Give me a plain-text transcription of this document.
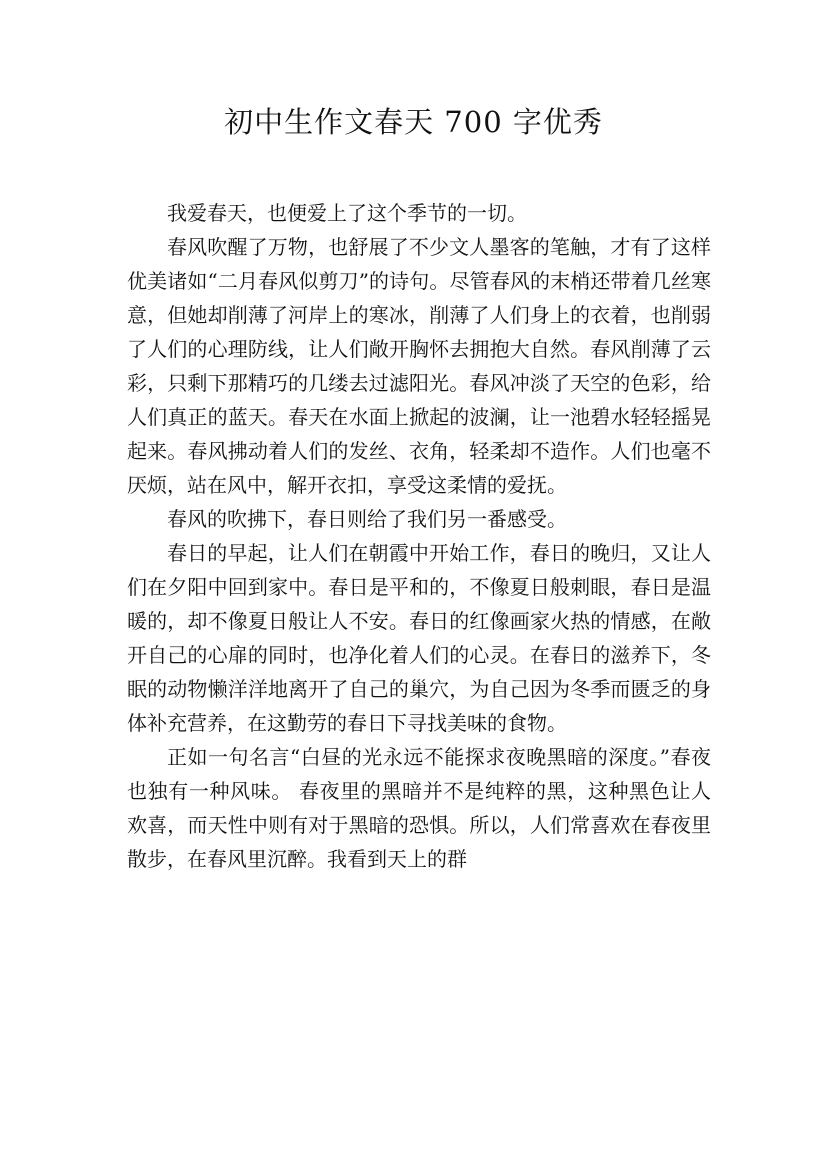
初中生作文春天 700 字优秀

我爱春天，也便爱上了这个季节的一切。

春风吹醒了万物，也舒展了不少文人墨客的笔触，才有了这样优美诸如“二月春风似剪刀”的诗句。尽管春风的末梢还带着几丝寒意，但她却削薄了河岸上的寒冰，削薄了人们身上的衣着，也削弱了人们的心理防线，让人们敞开胸怀去拥抱大自然。春风削薄了云彩，只剩下那精巧的几缕去过滤阳光。春风冲淡了天空的色彩，给人们真正的蓝天。春天在水面上掀起的波澜，让一池碧水轻轻摇晃起来。春风拂动着人们的发丝、衣角，轻柔却不造作。人们也毫不厌烦，站在风中，解开衣扣，享受这柔情的爱抚。

春风的吹拂下，春日则给了我们另一番感受。

春日的早起，让人们在朝霞中开始工作，春日的晚归，又让人们在夕阳中回到家中。春日是平和的，不像夏日般刺眼，春日是温暖的，却不像夏日般让人不安。春日的红像画家火热的情感，在敞开自己的心扉的同时，也净化着人们的心灵。在春日的滋养下，冬眠的动物懒洋洋地离开了自己的巢穴，为自己因为冬季而匮乏的身体补充营养，在这勤劳的春日下寻找美味的食物。

正如一句名言“白昼的光永远不能探求夜晚黑暗的深度。”春夜也独有一种风味。 春夜里的黑暗并不是纯粹的黑，这种黑色让人欢喜，而天性中则有对于黑暗的恐惧。所以，人们常喜欢在春夜里散步，在春风里沉醉。我看到天上的群
